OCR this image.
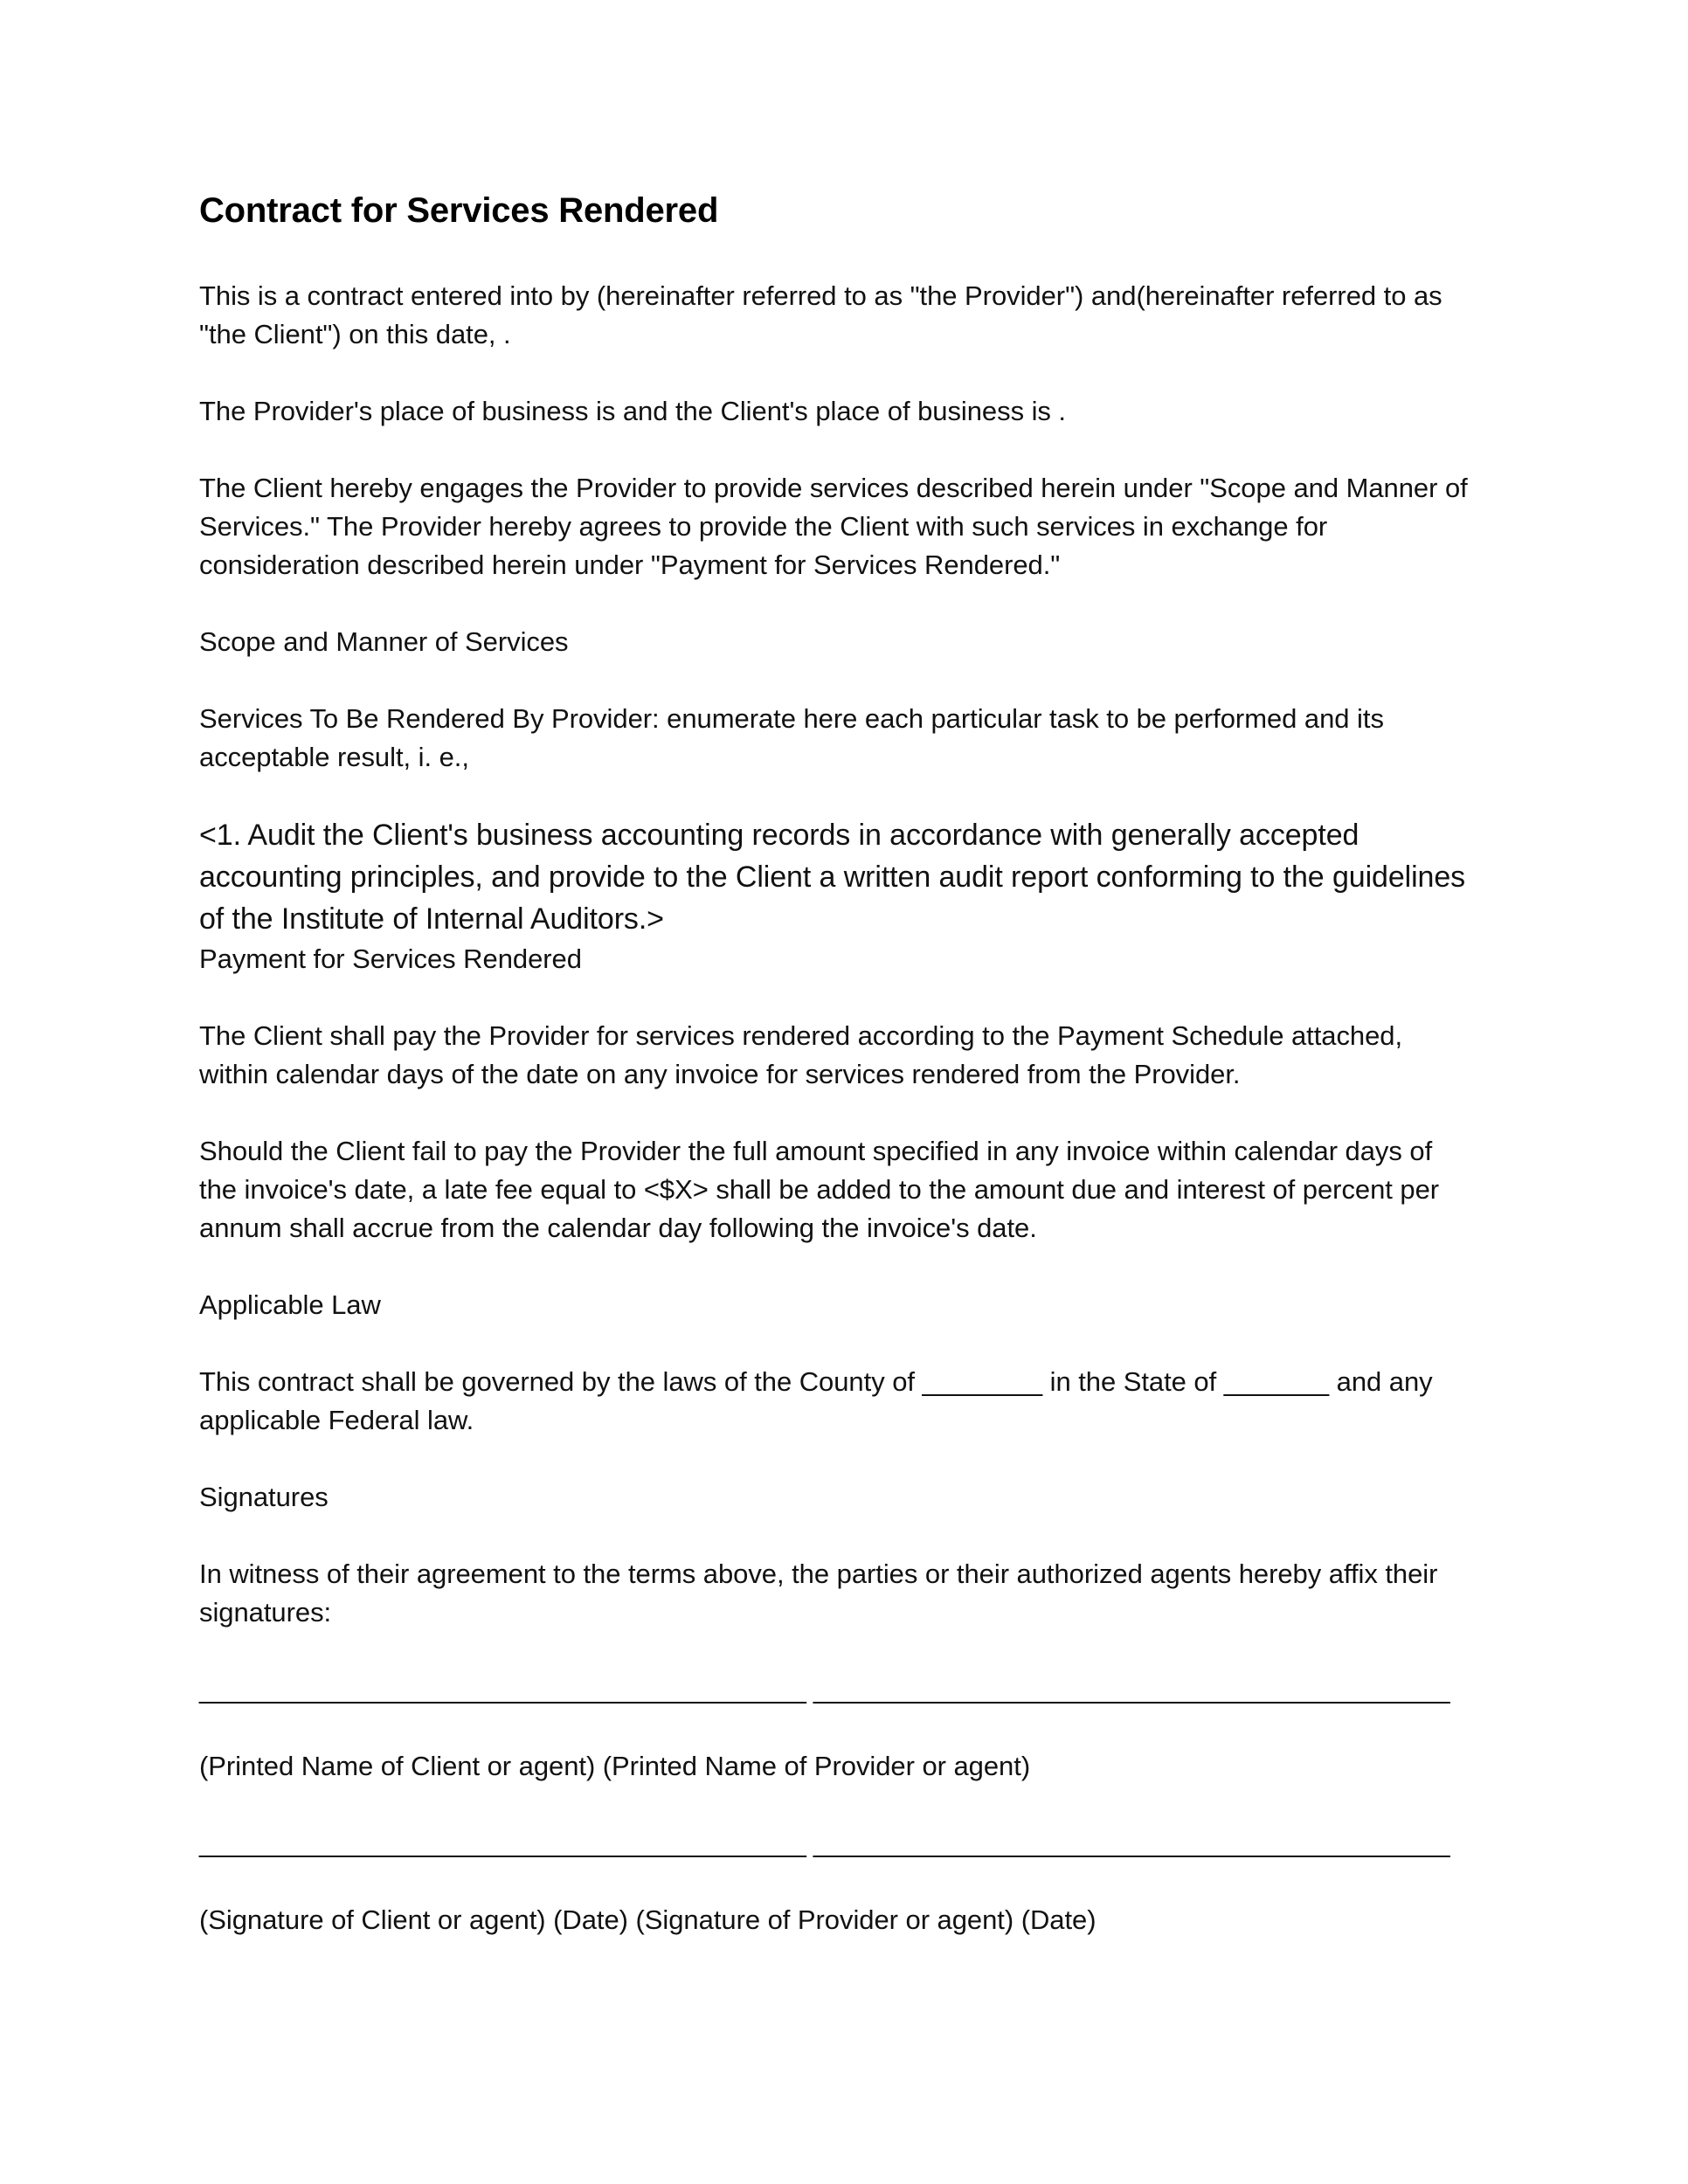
Contract for Services Rendered

This is a contract entered into by (hereinafter referred to as "the Provider") and(hereinafter referred to as "the Client") on this date, .

The Provider's place of business is and the Client's place of business is .

The Client hereby engages the Provider to provide services described herein under "Scope and Manner of Services." The Provider hereby agrees to provide the Client with such services in exchange for consideration described herein under "Payment for Services Rendered."

Scope and Manner of Services

Services To Be Rendered By Provider: enumerate here each particular task to be performed and its acceptable result, i. e.,

<1. Audit the Client's business accounting records in accordance with generally accepted accounting principles, and provide to the Client a written audit report conforming to the guidelines of the Institute of Internal Auditors.>

Payment for Services Rendered

The Client shall pay the Provider for services rendered according to the Payment Schedule attached, within calendar days of the date on any invoice for services rendered from the Provider.

Should the Client fail to pay the Provider the full amount specified in any invoice within calendar days of the invoice's date, a late fee equal to <$X> shall be added to the amount due and interest of percent per annum shall accrue from the calendar day following the invoice's date.

Applicable Law

This contract shall be governed by the laws of the County of ________ in the State of _______ and any applicable Federal law.

Signatures

In witness of their agreement to the terms above, the parties or their authorized agents hereby affix their signatures:

_________________________________________ ___________________________________________

(Printed Name of Client or agent) (Printed Name of Provider or agent)

_________________________________________ ___________________________________________

(Signature of Client or agent) (Date) (Signature of Provider or agent) (Date)
